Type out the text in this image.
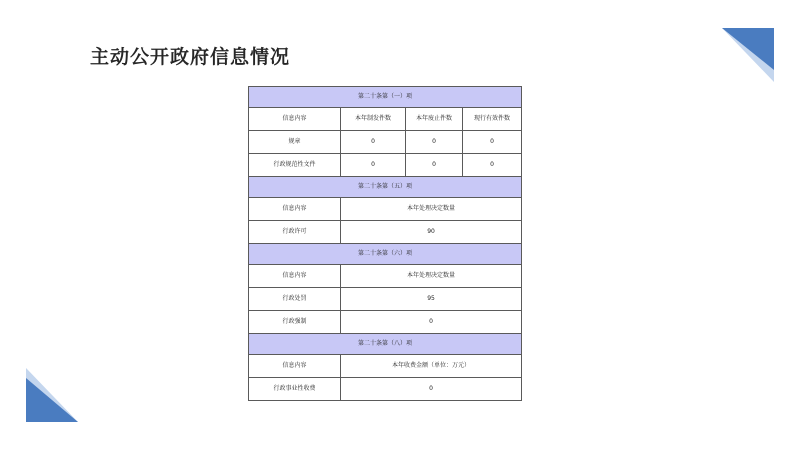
主动公开政府信息情况
第二十条第（一）项			
信息内容	本年制发件数	本年废止件数	现行有效件数
规章	0	0	0
行政规范性文件	0	0	0
第二十条第（五）项			
信息内容	本年处理决定数量		
行政许可	90		
第二十条第（六）项			
信息内容	本年处理决定数量		
行政处罚	95		
行政强制	0		
第二十条第（八）项			
信息内容	本年收费金额（单位：万元）		
行政事业性收费	0		
